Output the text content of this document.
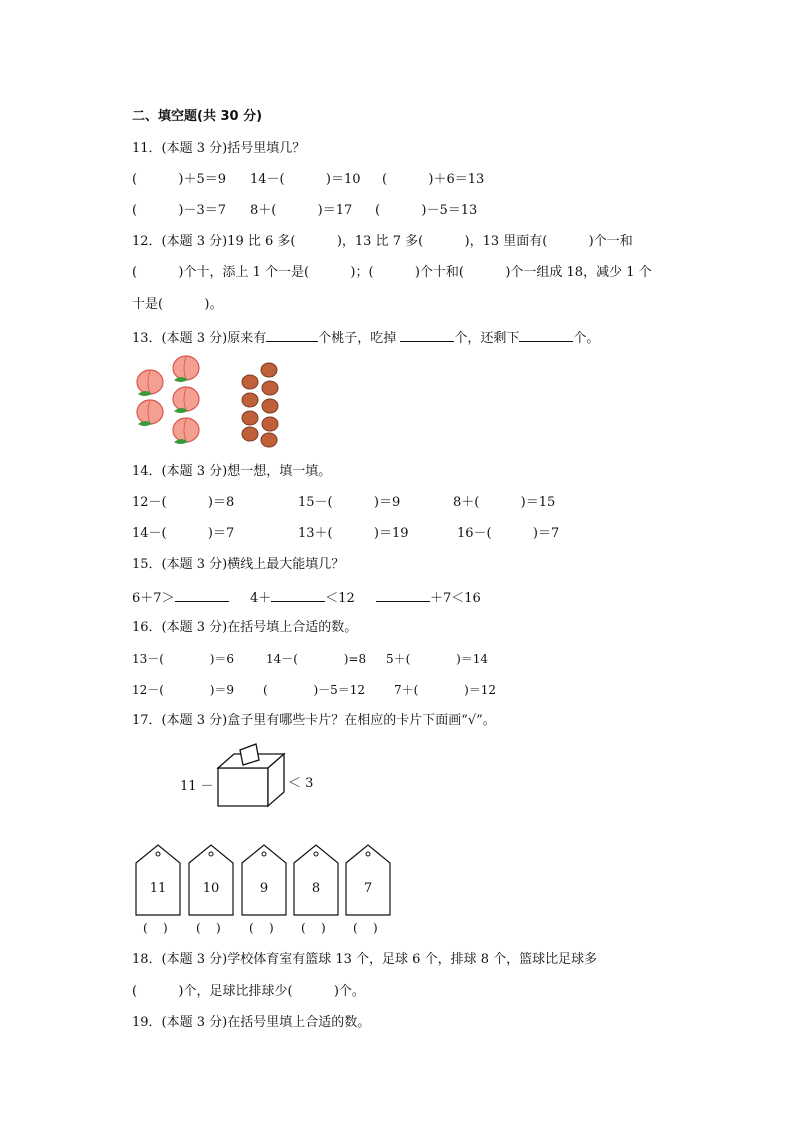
二、填空题(共 30 分)

11．(本题 3 分)括号里填几？

(          )＋5＝9 14－(          )＝10 (          )＋6＝13
(          )－3＝7 8＋(          )＝17 (          )－5＝13

12．(本题 3 分)19 比 6 多(          )，13 比 7 多(          )，13 里面有(          )个一和

(          )个十，添上 1 个一是(          )；(          )个十和(          )个一组成 18，减少 1 个

十是(          )。

13．(本题 3 分)原来有	个桃子，吃掉	个，还剩下	个。

14．(本题 3 分)想一想，填一填。

12－(          )＝8	15－(          )＝9	8＋(          )＝15
14－(          )＝7	13＋(          )＝19	16－(          )＝7

15．(本题 3 分)横线上最大能填几？

6＋7＞	4＋	＜12	＋7＜16

16．(本题 3 分)在括号填上合适的数。

13－(            )＝6	14－(            )=8 5＋(            )＝14
12－(            )＝9 (            )－5＝12 7＋(            )＝12

17．(本题 3 分)盒子里有哪些卡片？在相应的卡片下面画“√”。

11 －	＜ 3
11	10	9	8	7
(    ) (    ) (    ) (    ) (    )

18．(本题 3 分)学校体育室有篮球 13 个，足球 6 个，排球 8 个，篮球比足球多

(          )个，足球比排球少(          )个。

19．(本题 3 分)在括号里填上合适的数。
